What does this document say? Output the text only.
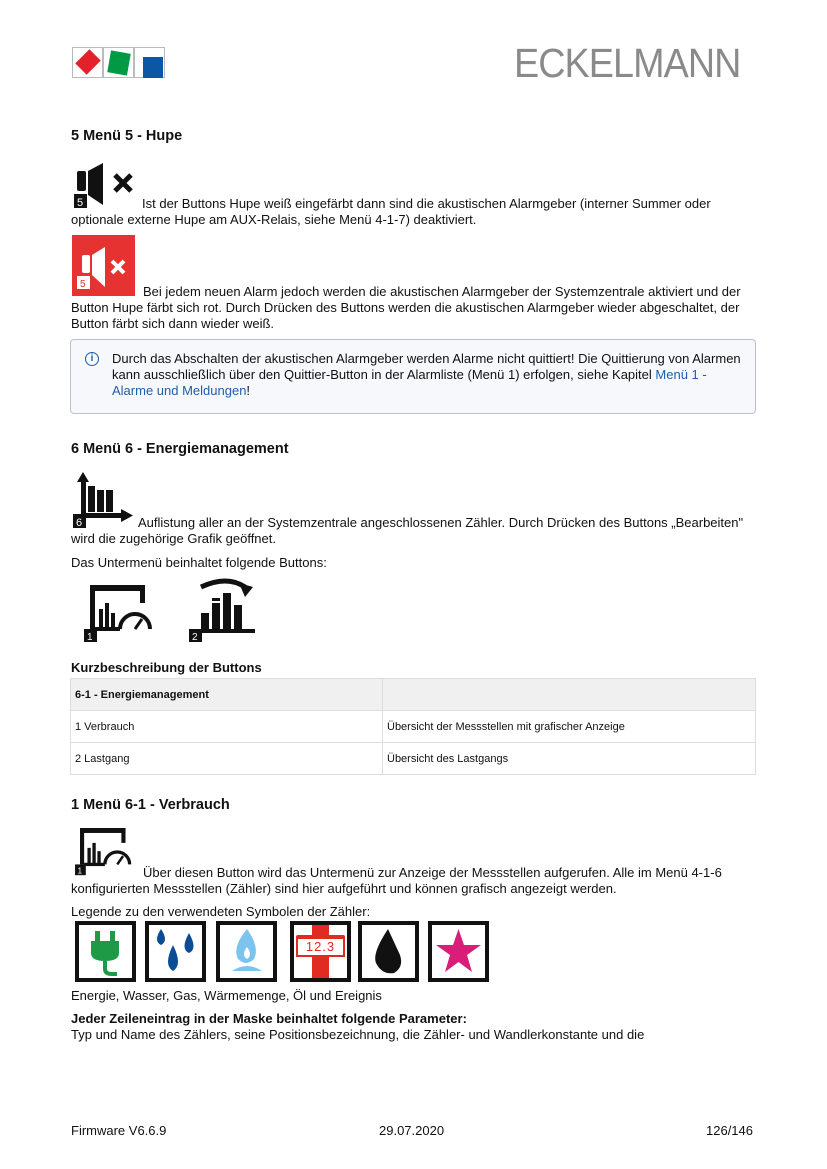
ECKELMANN
5 Menü 5 - Hupe
5	Ist der Buttons Hupe weiß eingefärbt dann sind die akustischen Alarmgeber (interner Summer oder optionale externe Hupe am AUX-Relais, siehe Menü 4-1-7) deaktiviert.
5	Bei jedem neuen Alarm jedoch werden die akustischen Alarmgeber der Systemzentrale aktiviert und der Button Hupe färbt sich rot. Durch Drücken des Buttons werden die akustischen Alarmgeber wieder abgeschaltet, der Button färbt sich dann wieder weiß.
i	Durch das Abschalten der akustischen Alarmgeber werden Alarme nicht quittiert! Die Quittierung von Alarmen kann ausschließlich über den Quittier-Button in der Alarmliste (Menü 1) erfolgen, siehe Kapitel Menü 1 - Alarme und Meldungen!
6 Menü 6 - Energiemanagement
6	Auflistung aller an der Systemzentrale angeschlossenen Zähler. Durch Drücken des Buttons „Bearbeiten" wird die zugehörige Grafik geöffnet.
Das Untermenü beinhaltet folgende Buttons:
1	2
Kurzbeschreibung der Buttons
6-1 - Energiemanagement	
1 Verbrauch	Übersicht der Messstellen mit grafischer Anzeige
2 Lastgang	Übersicht des Lastgangs
1 Menü 6-1 - Verbrauch
1	Über diesen Button wird das Untermenü zur Anzeige der Messstellen aufgerufen. Alle im Menü 4-1-6 konfigurierten Messstellen (Zähler) sind hier aufgeführt und können grafisch angezeigt werden.
Legende zu den verwendeten Symbolen der Zähler:
12.3
Energie, Wasser, Gas, Wärmemenge, Öl und Ereignis
Jeder Zeileneintrag in der Maske beinhaltet folgende Parameter:
Typ und Name des Zählers, seine Positionsbezeichnung, die Zähler- und Wandlerkonstante und die
Firmware V6.6.9	29.07.2020	126/146
